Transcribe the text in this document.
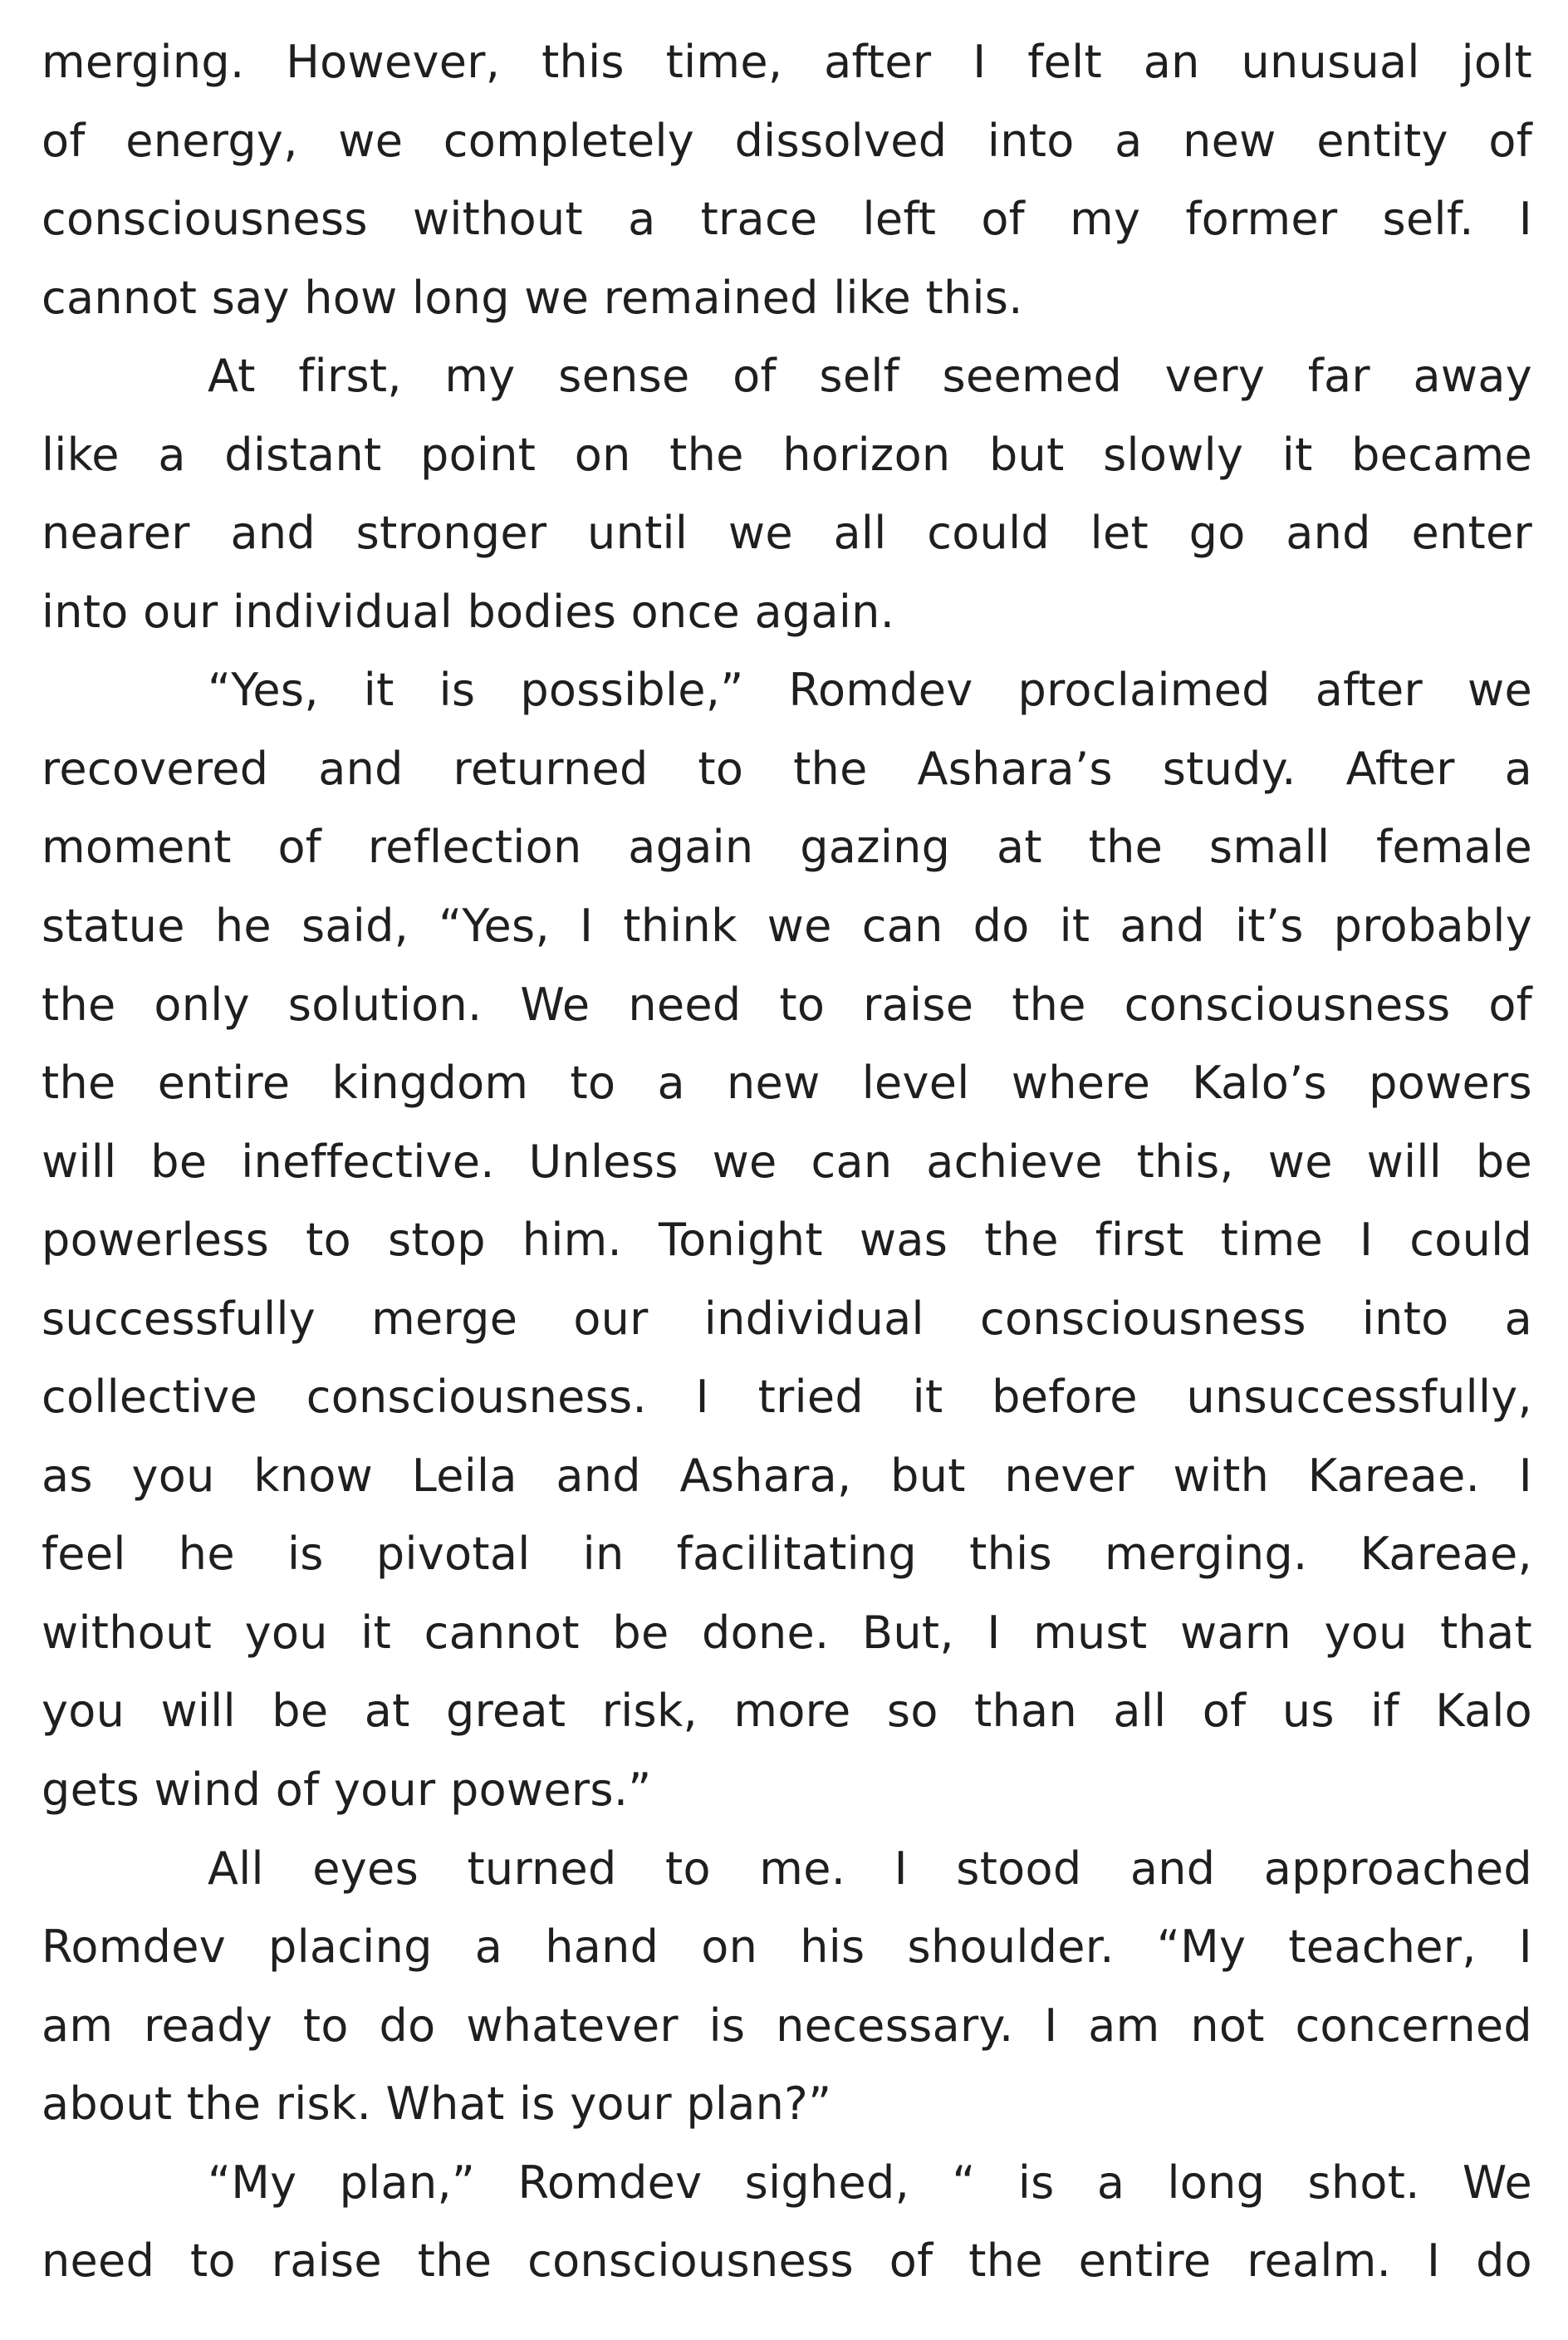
merging. However, this time, after I felt an unusual jolt
of energy, we completely dissolved into a new entity of
consciousness without a trace left of my former self. I
cannot say how long we remained like this.
At first, my sense of self seemed very far away
like a distant point on the horizon but slowly it became
nearer and stronger until we all could let go and enter
into our individual bodies once again.
“Yes, it is possible,” Romdev proclaimed after we
recovered and returned to the Ashara’s study. After a
moment of reflection again gazing at the small female
statue he said, “Yes, I think we can do it and it’s probably
the only solution. We need to raise the consciousness of
the entire kingdom to a new level where Kalo’s powers
will be ineffective. Unless we can achieve this, we will be
powerless to stop him. Tonight was the first time I could
successfully merge our individual consciousness into a
collective consciousness. I tried it before unsuccessfully,
as you know Leila and Ashara, but never with Kareae. I
feel he is pivotal in facilitating this merging. Kareae,
without you it cannot be done. But, I must warn you that
you will be at great risk, more so than all of us if Kalo
gets wind of your powers.”
All eyes turned to me. I stood and approached
Romdev placing a hand on his shoulder. “My teacher, I
am ready to do whatever is necessary. I am not concerned
about the risk. What is your plan?”
“My plan,” Romdev sighed, “ is a long shot. We
need to raise the consciousness of the entire realm. I do
